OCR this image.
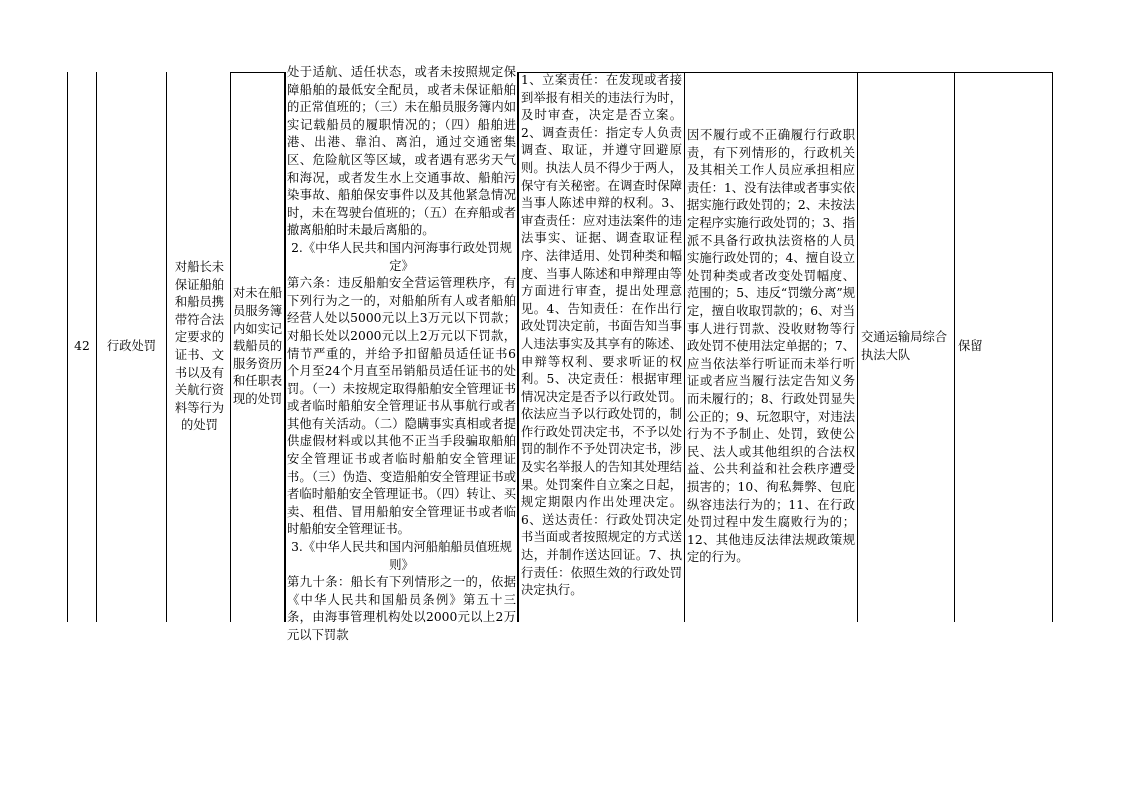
42	行政处罚
对船长未保证船舶和船员携带符合法定要求的证书、文书以及有关航行资料等行为的处罚
对未在船员服务簿内如实记载船员的服务资历和任职表现的处罚

处于适航、适任状态，或者未按照规定保障船舶的最低安全配员，或者未保证船舶的正常值班的；（三）未在船员服务簿内如实记载船员的履职情况的；（四）船舶进港、出港、靠泊、离泊，通过交通密集区、危险航区等区域，或者遇有恶劣天气和海况，或者发生水上交通事故、船舶污染事故、船舶保安事件以及其他紧急情况时，未在驾驶台值班的；（五）在弃船或者撤离船舶时未最后离船的。

2.《中华人民共和国内河海事行政处罚规定》

第六条：违反船舶安全营运管理秩序，有下列行为之一的，对船舶所有人或者船舶经营人处以5000元以上3万元以下罚款；对船长处以2000元以上2万元以下罚款，情节严重的，并给予扣留船员适任证书6个月至24个月直至吊销船员适任证书的处罚。（一）未按规定取得船舶安全管理证书或者临时船舶安全管理证书从事航行或者其他有关活动。（二）隐瞒事实真相或者提供虚假材料或以其他不正当手段骗取船舶安全管理证书或者临时船舶安全管理证书。（三）伪造、变造船舶安全管理证书或者临时船舶安全管理证书。（四）转让、买卖、租借、冒用船舶安全管理证书或者临时船舶安全管理证书。

3.《中华人民共和国内河船舶船员值班规则》

第九十条：船长有下列情形之一的，依据《中华人民共和国船员条例》第五十三条，由海事管理机构处以2000元以上2万元以下罚款

1、立案责任：在发现或者接到举报有相关的违法行为时，及时审查，决定是否立案。2、调查责任：指定专人负责调查、取证，并遵守回避原则。执法人员不得少于两人，保守有关秘密。在调查时保障当事人陈述申辩的权利。3、审查责任：应对违法案件的违法事实、证据、调查取证程序、法律适用、处罚种类和幅度、当事人陈述和申辩理由等方面进行审查，提出处理意见。4、告知责任：在作出行政处罚决定前，书面告知当事人违法事实及其享有的陈述、申辩等权利、要求听证的权利。5、决定责任：根据审理情况决定是否予以行政处罚。依法应当予以行政处罚的，制作行政处罚决定书，不予以处罚的制作不予处罚决定书，涉及实名举报人的告知其处理结果。处罚案件自立案之日起，规定期限内作出处理决定。6、送达责任：行政处罚决定书当面或者按照规定的方式送达，并制作送达回证。7、执行责任：依照生效的行政处罚决定执行。
因不履行或不正确履行行政职责，有下列情形的，行政机关及其相关工作人员应承担相应责任：1、没有法律或者事实依据实施行政处罚的；2、未按法定程序实施行政处罚的；3、指派不具备行政执法资格的人员实施行政处罚的；4、擅自设立处罚种类或者改变处罚幅度、范围的；5、违反“罚缴分离”规定，擅自收取罚款的；6、对当事人进行罚款、没收财物等行政处罚不使用法定单据的；7、应当依法举行听证而未举行听证或者应当履行法定告知义务而未履行的；8、行政处罚显失公正的；9、玩忽职守，对违法行为不予制止、处罚，致使公民、法人或其他组织的合法权益、公共利益和社会秩序遭受损害的；10、徇私舞弊、包庇纵容违法行为的；11、在行政处罚过程中发生腐败行为的；12、其他违反法律法规政策规定的行为。
交通运输局综合执法大队
保留
